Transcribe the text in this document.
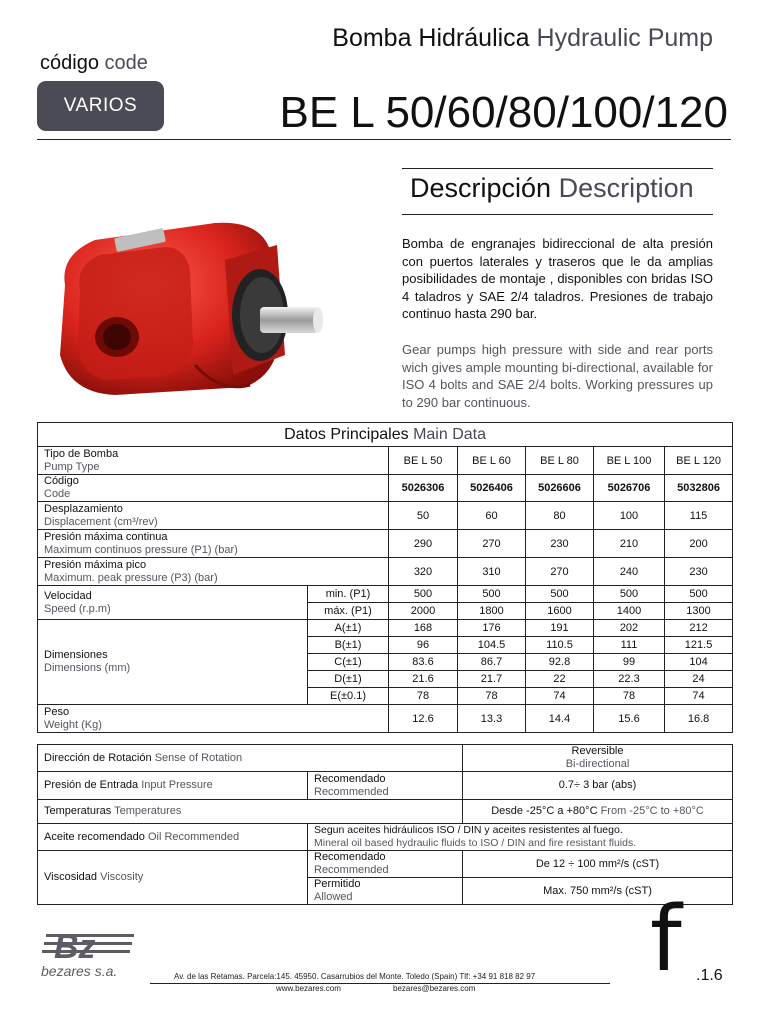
Bomba Hidráulica Hydraulic Pump
código code
VARIOS	BE L 50/60/80/100/120
Descripción Description
Bomba de engranajes bidireccional de alta presión con puertos laterales y traseros que le da amplias posibilidades de montaje , disponibles con bridas ISO 4 taladros y SAE 2/4 taladros. Presiones de trabajo continuo hasta 290 bar.
Gear pumps high pressure with side and rear ports wich gives ample mounting bi-directional, available for ISO 4 bolts and SAE 2/4 bolts. Working pressures up to 290 bar continuous.
Datos Principales Main Data						

Tipo de Bomba
Pump Type		BE L 50	BE L 60	BE L 80	BE L 100	BE L 120

Código
Code		5026306	5026406	5026606	5026706	5032806

Desplazamiento
Displacement (cm³/rev)		50	60	80	100	115

Presión máxima continua
Maximum continuos pressure (P1) (bar)		290	270	230	210	200

Presión máxima pico
Maximum. peak pressure (P3) (bar)		320	310	270	240	230

Velocidad
Speed (r.p.m)	min. (P1)	500	500	500	500	500
	máx. (P1)	2000	1800	1600	1400	1300

Dimensiones
Dimensions (mm)	A(±1)	168	176	191	202	212
	B(±1)	96	104.5	110.5	111	121.5
	C(±1)	83.6	86.7	92.8	99	104
	D(±1)	21.6	21.7	22	22.3	24
	E(±0.1)	78	78	74	78	74

Peso
Weight (Kg)		12.6	13.3	14.4	15.6	16.8
Dirección de Rotación Sense of Rotation		Reversible
Bi-directional

Presión de Entrada Input Pressure	Recomendado
Recommended	0.7÷ 3 bar (abs)
Temperaturas Temperatures		Desde -25°C a +80°C From -25°C to +80°C
Aceite recomendado Oil Recommended	Segun aceites hidráulicos ISO / DIN y aceites resistentes al fuego.
Mineral oil based hydraulic fluids to ISO / DIN and fire resistant fluids.	

Viscosidad Viscosity	Recomendado
Recommended	De 12 ÷ 100 mm²/s (cST)

	Permitido
Allowed	Max. 750 mm²/s (cST)
Bz
bezares s.a.	Av. de las Retamas. Parcela:145. 45950. Casarrubios del Monte. Toledo (Spain) Tlf: +34 91 818 82 97
www.bezares.com	bezares@bezares.com f .1.6
